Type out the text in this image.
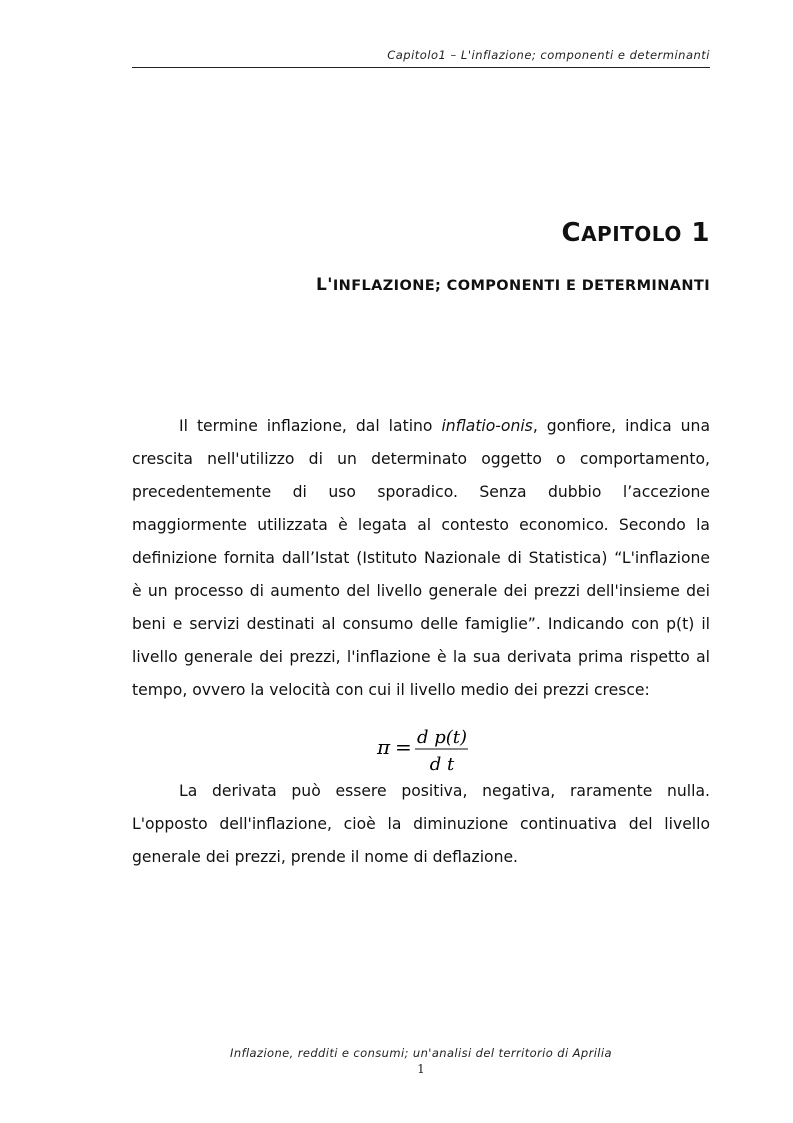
Capitolo1 – L'inflazione; componenti e determinanti
CAPITOLO 1
L'INFLAZIONE; COMPONENTI E DETERMINANTI

Il termine inflazione, dal latino inflatio-onis, gonfiore, indica una crescita nell'utilizzo di un determinato oggetto o comportamento, precedentemente di uso sporadico. Senza dubbio l’accezione maggiormente utilizzata è legata al contesto economico. Secondo la definizione fornita dall’Istat (Istituto Nazionale di Statistica) “L'inflazione è un processo di aumento del livello generale dei prezzi dell'insieme dei beni e servizi destinati al consumo delle famiglie”. Indicando con p(t) il livello generale dei prezzi, l'inflazione è la sua derivata prima rispetto al tempo, ovvero la velocità con cui il livello medio dei prezzi cresce:

π = d p(t)
d t

La derivata può essere positiva, negativa, raramente nulla. L'opposto dell'inflazione, cioè la diminuzione continuativa del livello generale dei prezzi, prende il nome di deflazione.

Inflazione, redditi e consumi; un'analisi del territorio di Aprilia
1
